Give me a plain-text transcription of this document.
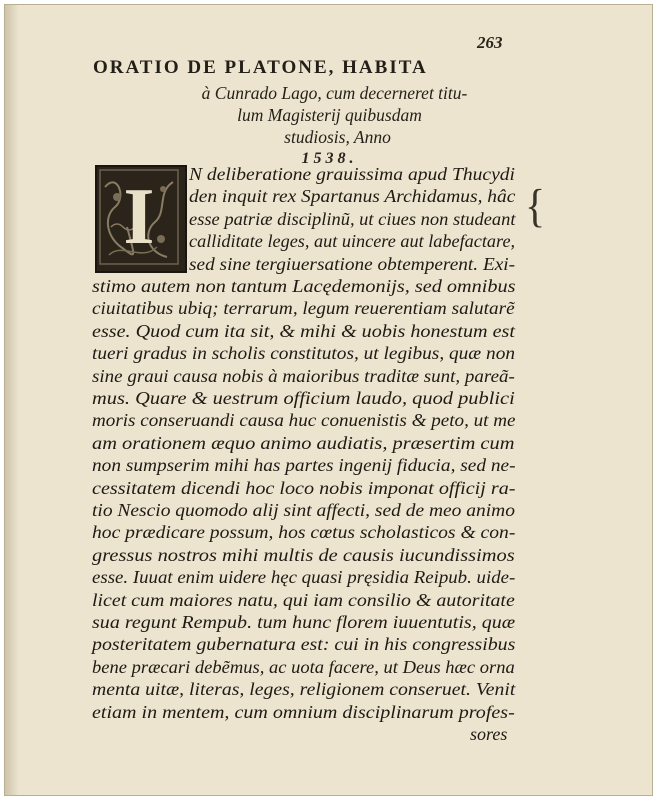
263
ORATIO DE PLATONE, HABITA
à Cunrado Lago, cum decerneret titu-
lum Magisterij quibusdam
studiosis, Anno
1538.
I	{
N deliberatione grauissima apud Thucydi
den inquit rex Spartanus Archidamus, hâc
esse patriæ disciplinũ, ut ciues non studeant
calliditate leges, aut uincere aut labefactare,
sed sine tergiuersatione obtemperent. Exi-
stimo autem non tantum Lacędemonijs, sed omnibus
ciuitatibus ubiq; terrarum, legum reuerentiam salutarẽ
esse. Quod cum ita sit, & mihi & uobis honestum est
tueri gradus in scholis constitutos, ut legibus, quæ non
sine graui causa nobis à maioribus traditæ sunt, pareã-
mus. Quare & uestrum officium laudo, quod publici
moris conseruandi causa huc conuenistis & peto, ut me
am orationem æquo animo audiatis, præsertim cum
non sumpserim mihi has partes ingenij fiducia, sed ne-
cessitatem dicendi hoc loco nobis imponat officij ra-
tio Nescio quomodo alij sint affecti, sed de meo animo
hoc prædicare possum, hos cœtus scholasticos & con-
gressus nostros mihi multis de causis iucundissimos
esse. Iuuat enim uidere hęc quasi pręsidia Reipub. uide-
licet cum maiores natu, qui iam consilio & autoritate
sua regunt Rempub. tum hunc florem iuuentutis, quæ
posteritatem gubernatura est: cui in his congressibus
bene præcari debẽmus, ac uota facere, ut Deus hæc orna
menta uitæ, literas, leges, religionem conseruet. Venit
etiam in mentem, cum omnium disciplinarum profes-
sores
